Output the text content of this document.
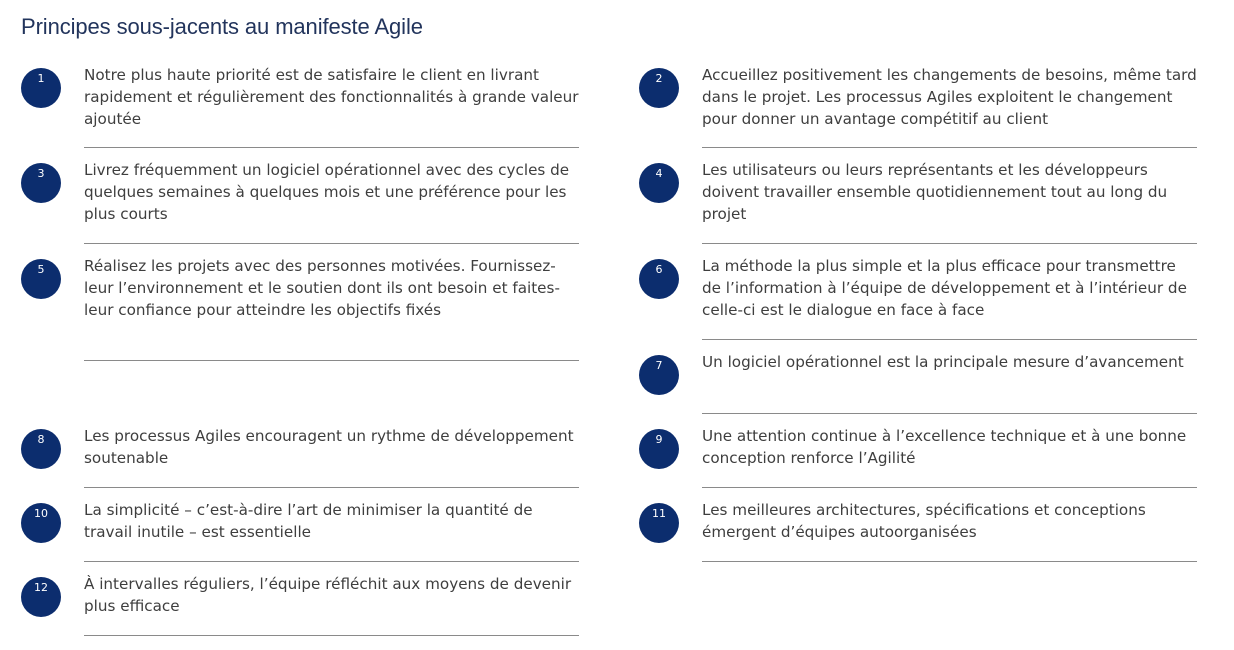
Principes sous-jacents au manifeste Agile
1	Notre plus haute priorité est de satisfaire le client en livrant rapidement et régulièrement des fonctionnalités à grande valeur ajoutée
3	Livrez fréquemment un logiciel opérationnel avec des cycles de quelques semaines à quelques mois et une préférence pour les plus courts
5	Réalisez les projets avec des personnes motivées. Fournissez-leur l’environnement et le soutien dont ils ont besoin et faites-leur confiance pour atteindre les objectifs fixés
8	Les processus Agiles encouragent un rythme de développement soutenable
10	La simplicité – c’est-à-dire l’art de minimiser la quantité de travail inutile – est essentielle
12	À intervalles réguliers, l’équipe réfléchit aux moyens de devenir plus efficace
2	Accueillez positivement les changements de besoins, même tard dans le projet. Les processus Agiles exploitent le changement pour donner un avantage compétitif au client
4	Les utilisateurs ou leurs représentants et les développeurs doivent travailler ensemble quotidiennement tout au long du projet
6	La méthode la plus simple et la plus efficace pour transmettre de l’information à l’équipe de développement et à l’intérieur de celle-ci est le dialogue en face à face
7	Un logiciel opérationnel est la principale mesure d’avancement
9	Une attention continue à l’excellence technique et à une bonne conception renforce l’Agilité
11	Les meilleures architectures, spécifications et conceptions émergent d’équipes autoorganisées
